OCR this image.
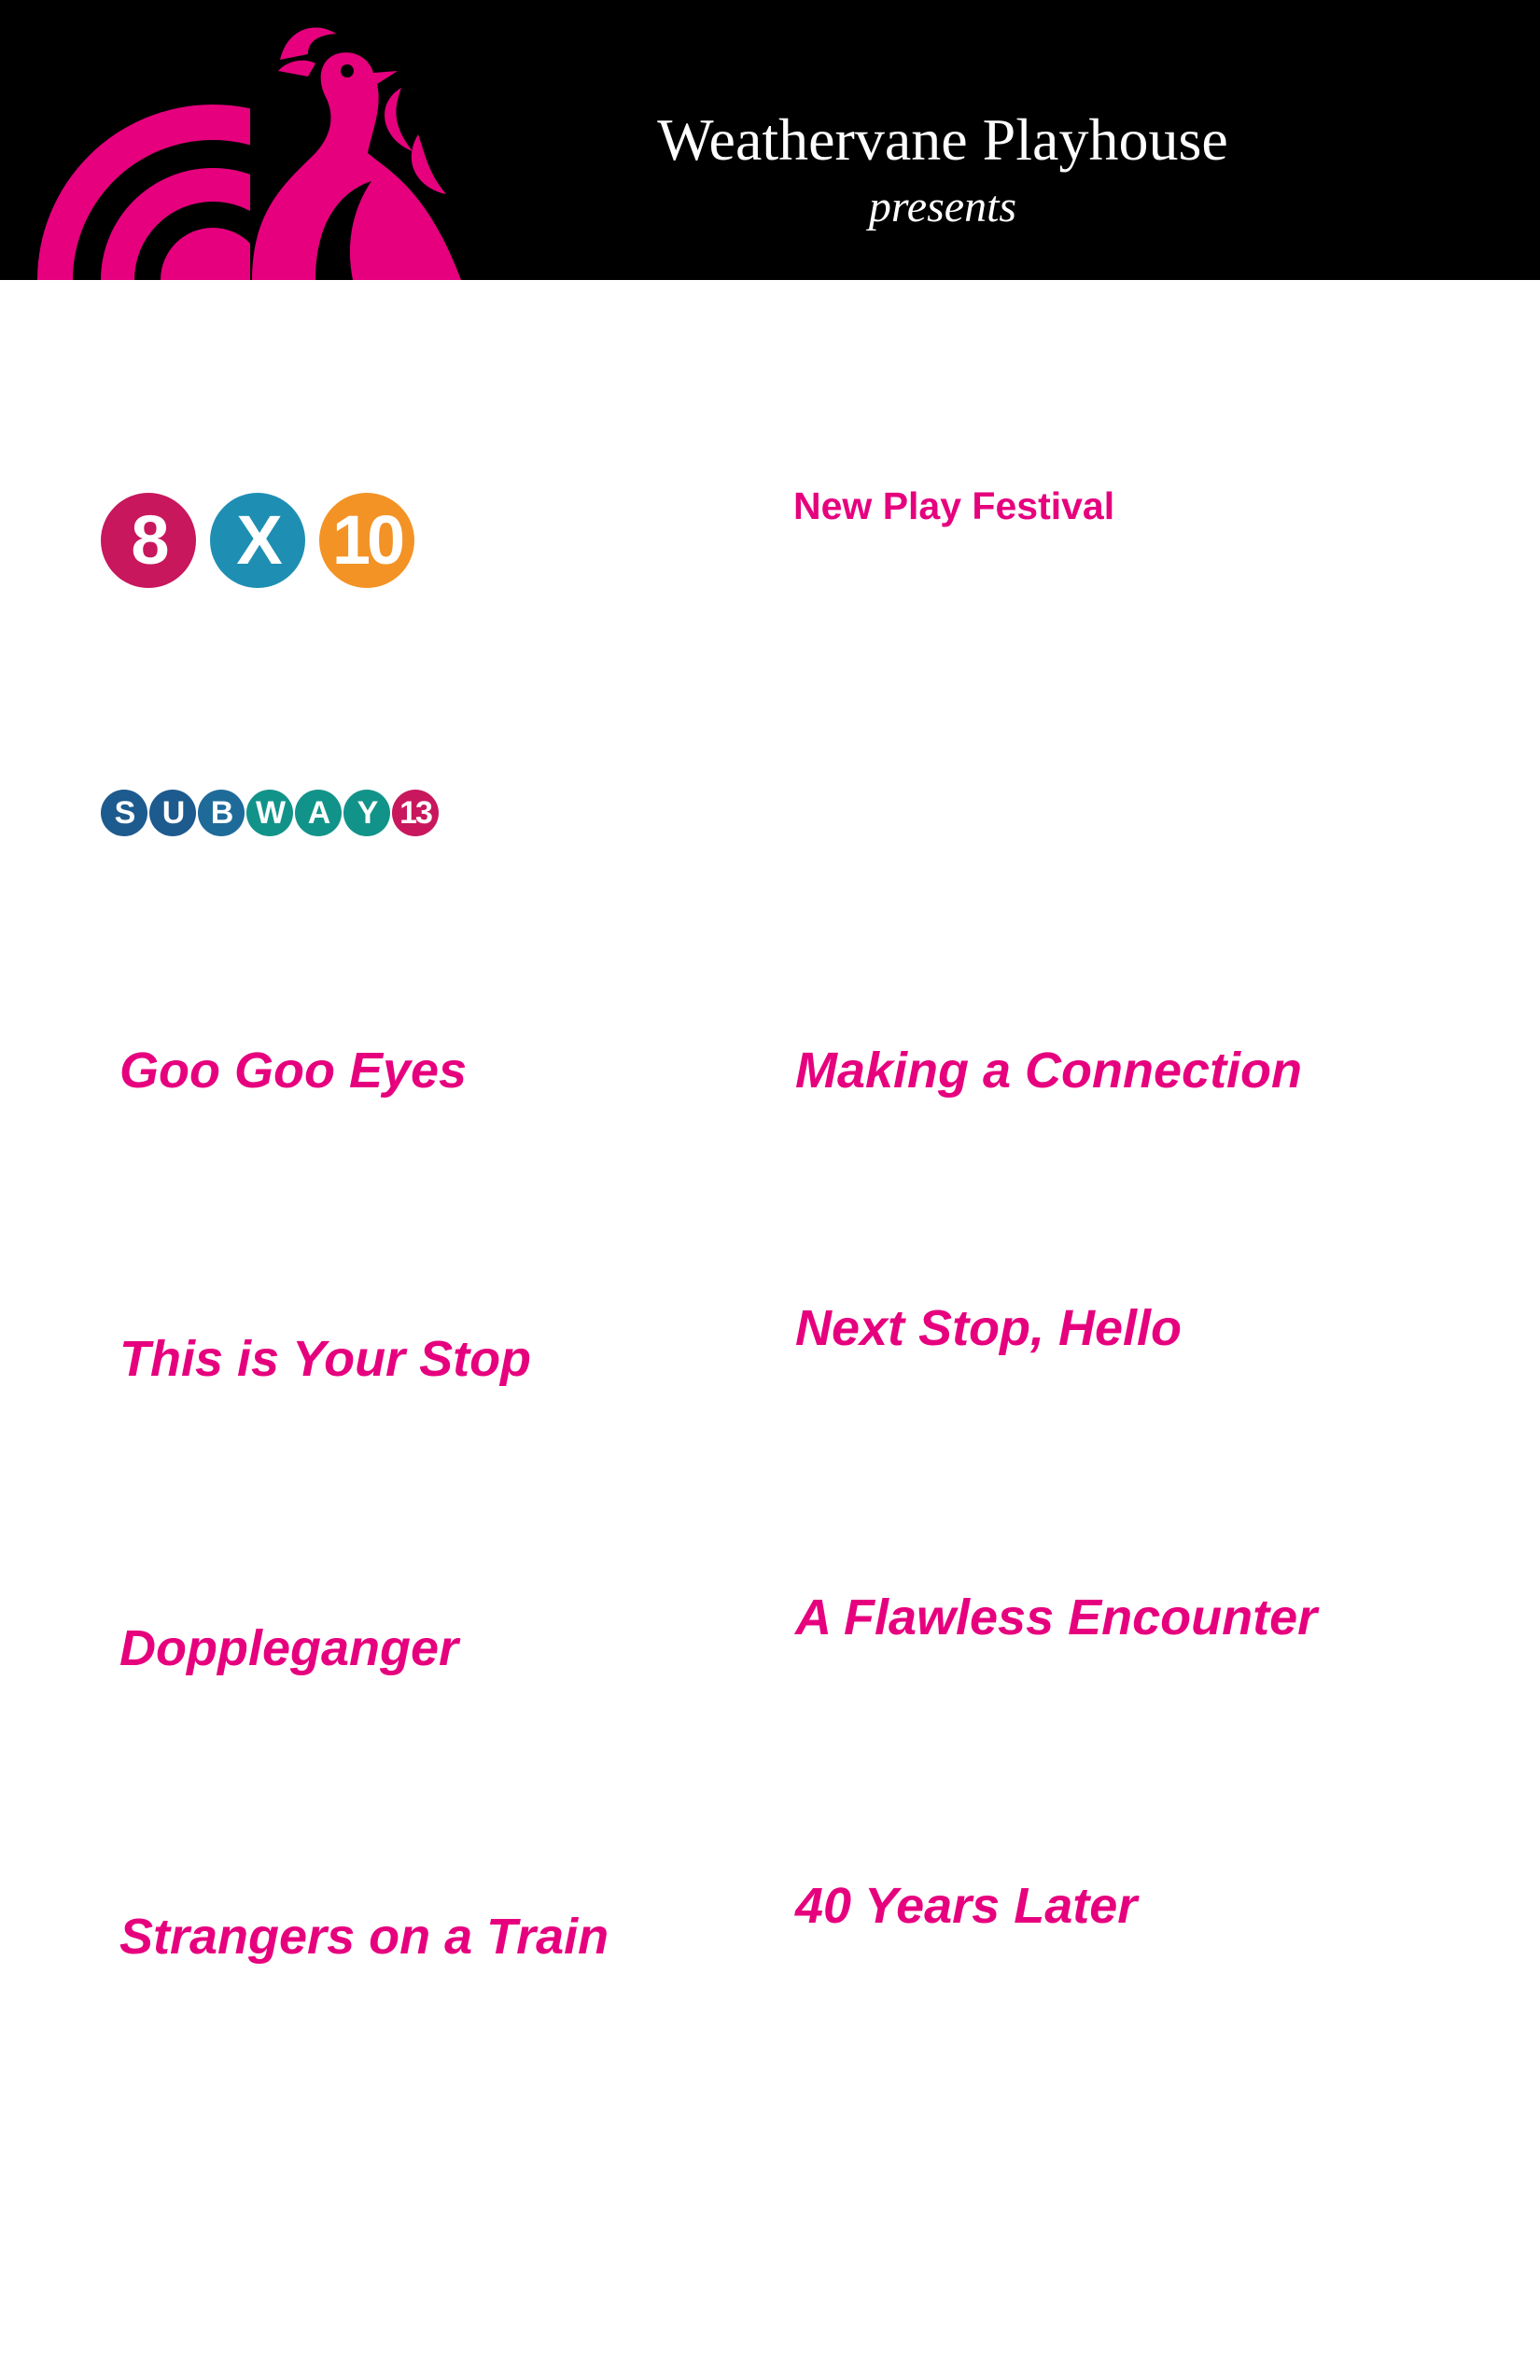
Weathervane Playhouse
presents
8	X 10	New Play Festival
S U B W A Y 13
Goo Goo Eyes
This is Your Stop
Doppleganger
Strangers on a Train
Making a Connection
Next Stop, Hello
A Flawless Encounter
40 Years Later
